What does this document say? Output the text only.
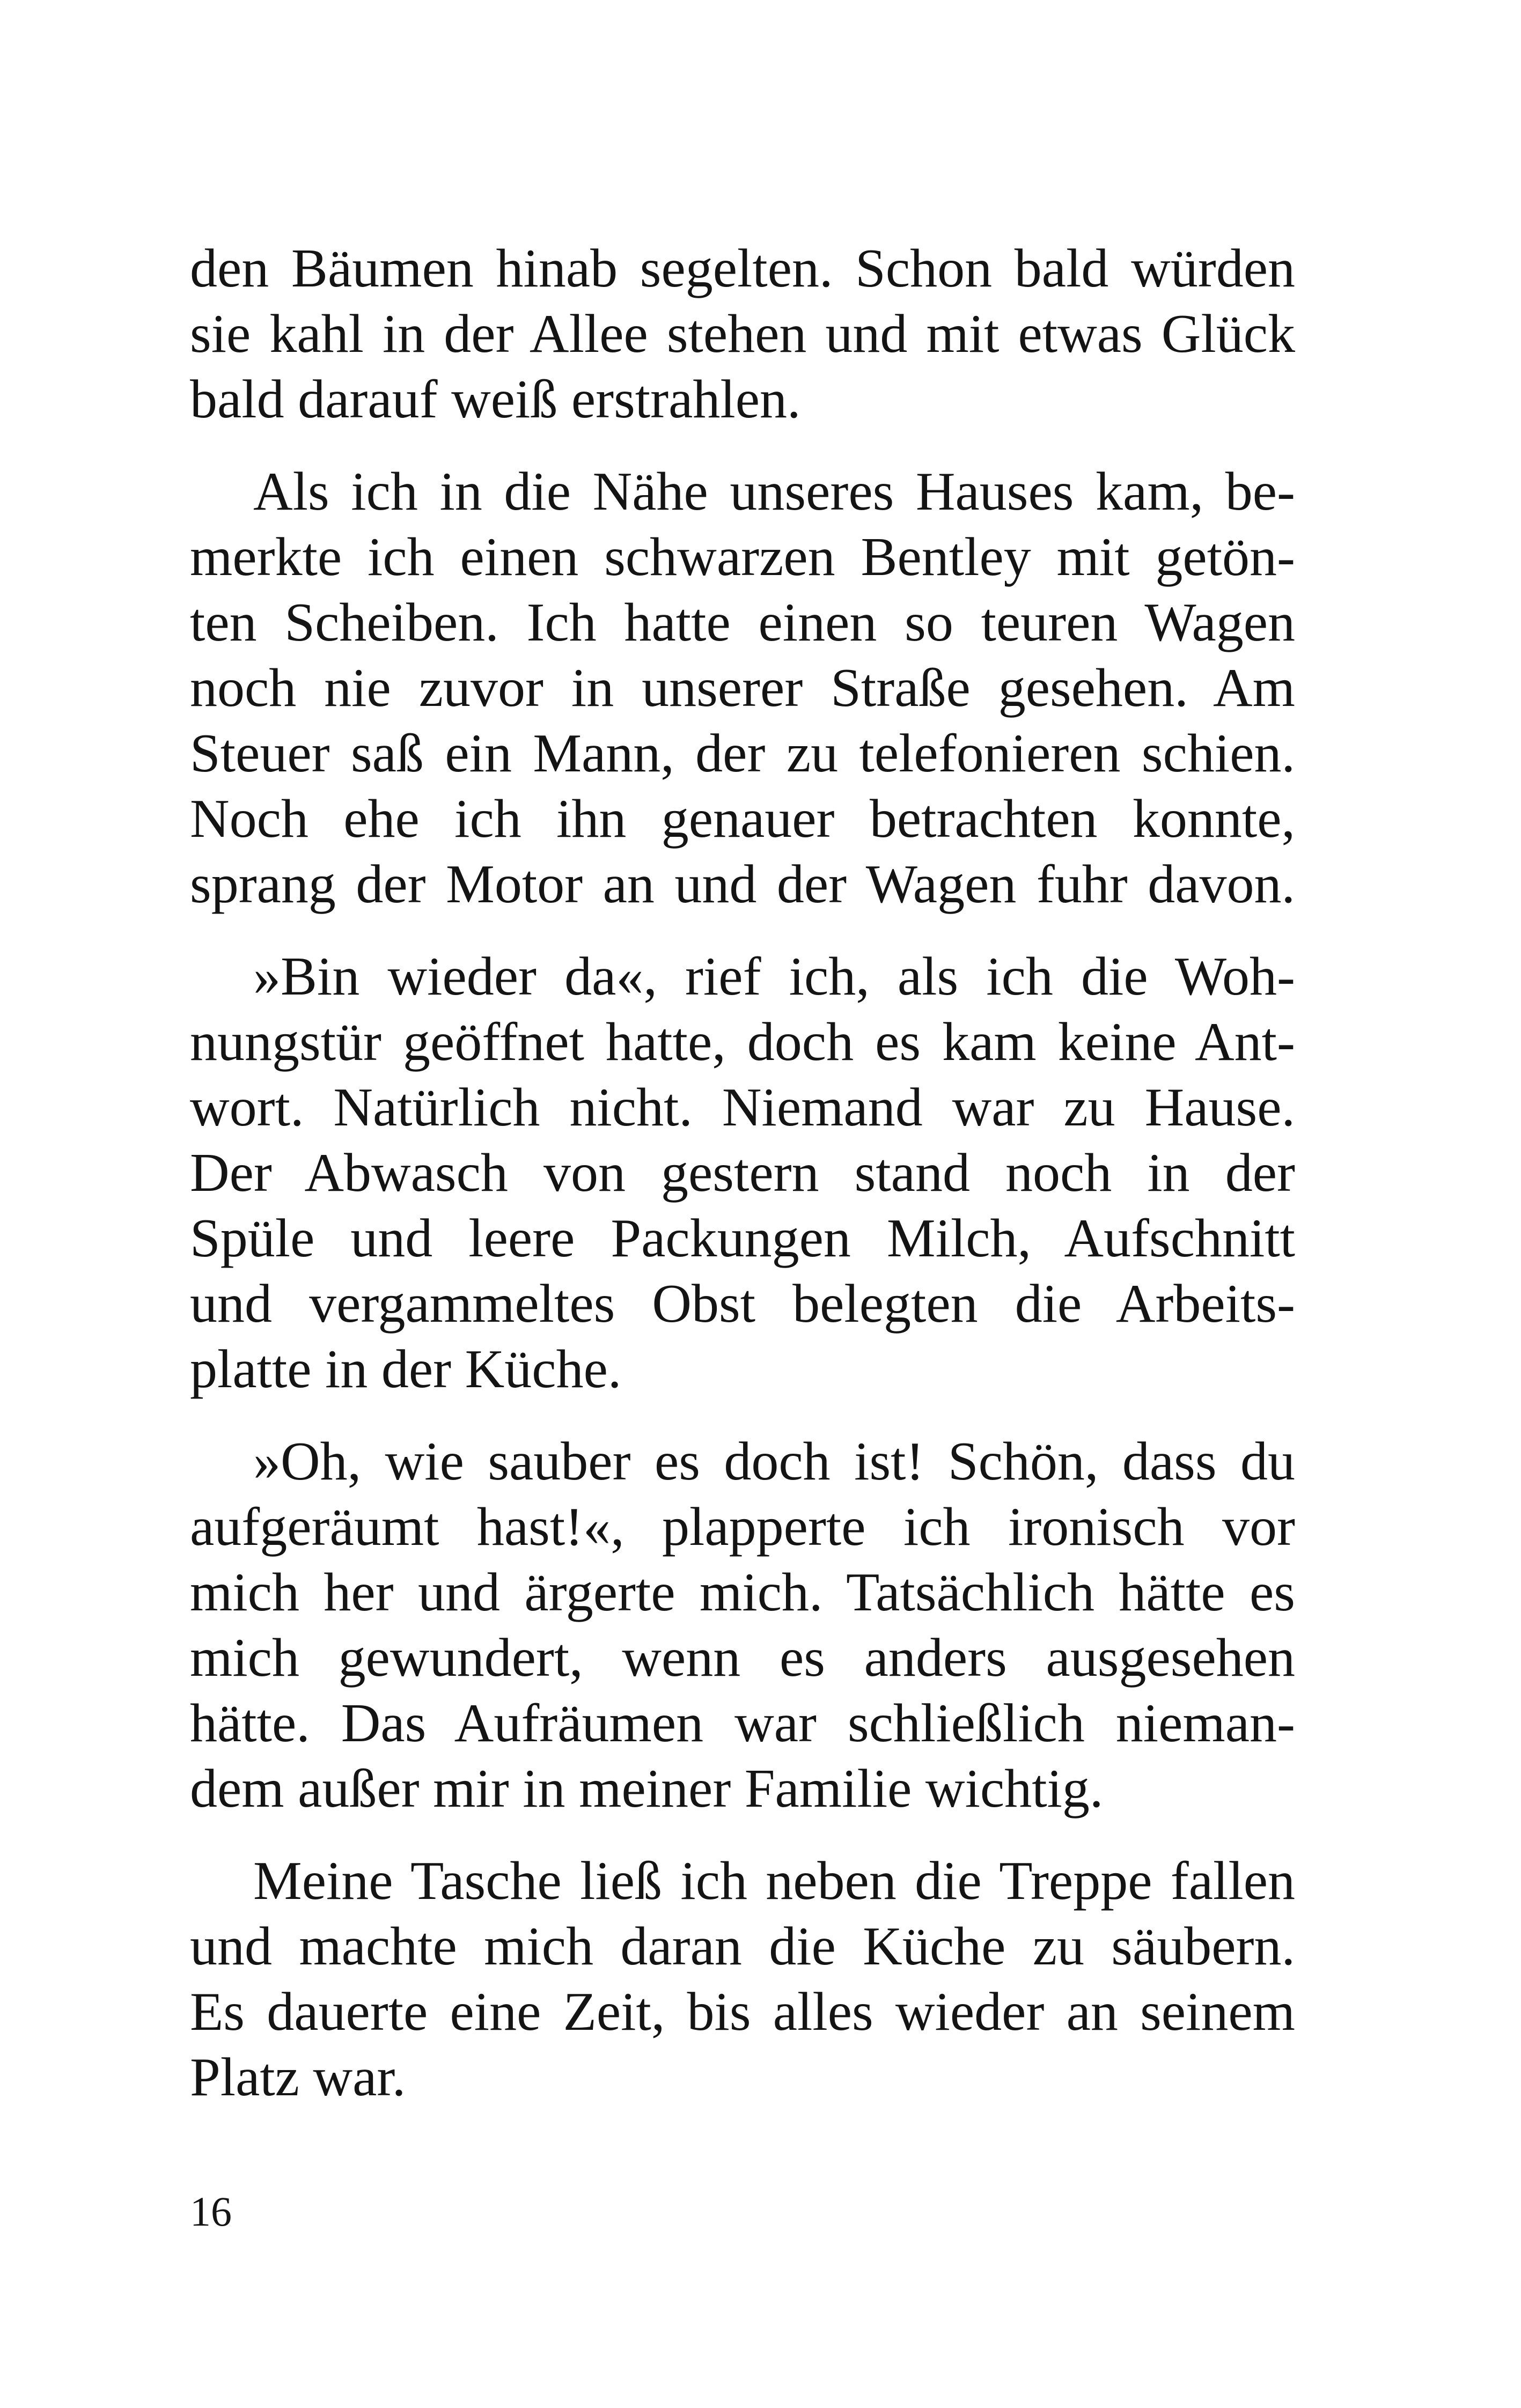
den Bäumen hinab segelten. Schon bald würden
sie kahl in der Allee stehen und mit etwas Glück
bald darauf weiß erstrahlen.

Als ich in die Nähe unseres Hauses kam, be-
merkte ich einen schwarzen Bentley mit getön-
ten Scheiben. Ich hatte einen so teuren Wagen
noch nie zuvor in unserer Straße gesehen. Am
Steuer saß ein Mann, der zu telefonieren schien.
Noch ehe ich ihn genauer betrachten konnte,
sprang der Motor an und der Wagen fuhr davon.

»Bin wieder da«, rief ich, als ich die Woh-
nungstür geöffnet hatte, doch es kam keine Ant-
wort. Natürlich nicht. Niemand war zu Hause.
Der Abwasch von gestern stand noch in der
Spüle und leere Packungen Milch, Aufschnitt
und vergammeltes Obst belegten die Arbeits-
platte in der Küche.

»Oh, wie sauber es doch ist! Schön, dass du
aufgeräumt hast!«, plapperte ich ironisch vor
mich her und ärgerte mich. Tatsächlich hätte es
mich gewundert, wenn es anders ausgesehen
hätte. Das Aufräumen war schließlich nieman-
dem außer mir in meiner Familie wichtig.

Meine Tasche ließ ich neben die Treppe fallen
und machte mich daran die Küche zu säubern.
Es dauerte eine Zeit, bis alles wieder an seinem
Platz war.

16
